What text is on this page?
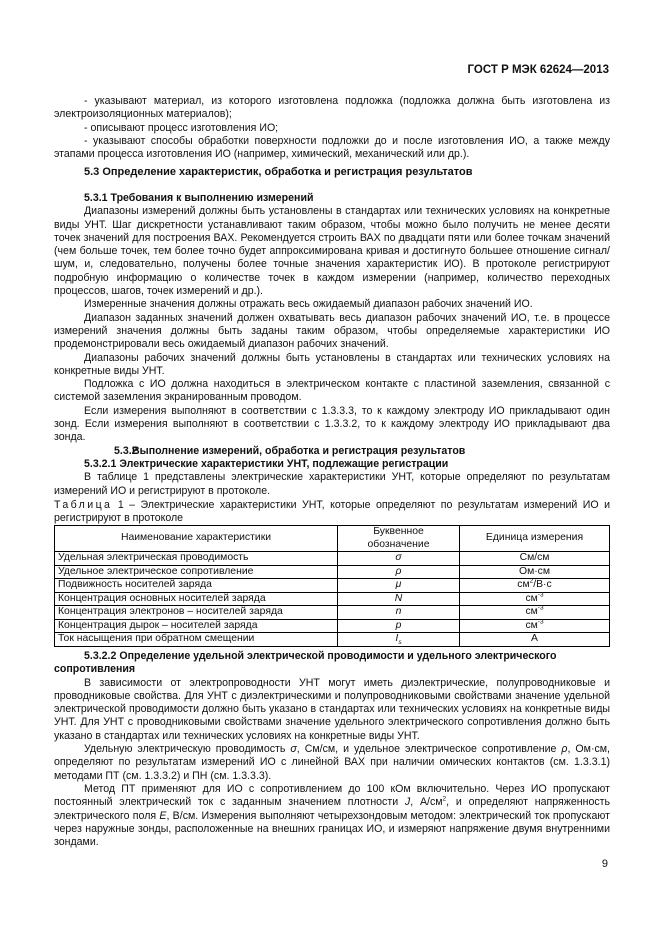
ГОСТ Р МЭК 62624—2013

- указывают материал, из которого изготовлена подложка (подложка должна быть изготовлена из электроизоляционных материалов);

- описывают процесс изготовления ИО;

- указывают способы обработки поверхности подложки до и после изготовления ИО, а также между этапами процесса изготовления ИО (например, химический, механический или др.).

5.3 Определение характеристик, обработка и регистрация результатов

5.3.1 Требования к выполнению измерений

Диапазоны измерений должны быть установлены в стандартах или технических условиях на конкретные виды УНТ. Шаг дискретности устанавливают таким образом, чтобы можно было получить не менее десяти точек значений для построения ВАХ. Рекомендуется строить ВАХ по двадцати пяти или более точкам значений (чем больше точек, тем более точно будет аппроксимирована кривая и достигнуто большее отношение сигнал/шум, и, следовательно, получены более точные значения характеристик ИО). В протоколе регистрируют подробную информацию о количестве точек в каждом измерении (например, количество переходных процессов, шагов, точек измерений и др.).

Измеренные значения должны отражать весь ожидаемый диапазон рабочих значений ИО.

Диапазон заданных значений должен охватывать весь диапазон рабочих значений ИО, т.е. в процессе измерений значения должны быть заданы таким образом, чтобы определяемые характеристики ИО продемонстрировали весь ожидаемый диапазон рабочих значений.

Диапазоны рабочих значений должны быть установлены в стандартах или технических условиях на конкретные виды УНТ.

Подложка с ИО должна находиться в электрическом контакте с пластиной заземления, связанной с системой заземления экранированным проводом.

Если измерения выполняют в соответствии с 1.3.3.3, то к каждому электроду ИО прикладывают один зонд. Если измерения выполняют в соответствии с 1.3.3.2, то к каждому электроду ИО прикладывают два зонда.

5.3.2Выполнение измерений, обработка и регистрация результатов

5.3.2.1 Электрические характеристики УНТ, подлежащие регистрации

В таблице 1 представлены электрические характеристики УНТ, которые определяют по результатам измерений ИО и регистрируют в протоколе.

Таблица 1 – Электрические характеристики УНТ, которые определяют по результатам измерений ИО и регистрируют в протоколе

Наименование характеристики	Буквенное обозначение	Единица измерения
Удельная электрическая проводимость	σ	См/см
Удельное электрическое сопротивление	ρ	Ом·см
Подвижность носителей заряда	μ	$см^2/В\cdot с$
Концентрация основных носителей заряда	N	$см^{-3}$
Концентрация электронов – носителей заряда	n	$см^{-3}$
Концентрация дырок – носителей заряда	p	$см^{-3}$
Ток насыщения при обратном смещении	$I_s$	А

5.3.2.2 Определение удельной электрической проводимости и удельного электрического сопротивления

В зависимости от электропроводности УНТ могут иметь диэлектрические, полупроводниковые и проводниковые свойства. Для УНТ с диэлектрическими и полупроводниковыми свойствами значение удельной электрической проводимости должно быть указано в стандартах или технических условиях на конкретные виды УНТ. Для УНТ с проводниковыми свойствами значение удельного электрического сопротивления должно быть указано в стандартах или технических условиях на конкретные виды УНТ.

Удельную электрическую проводимость σ, См/см, и удельное электрическое сопротивление ρ, Ом·см, определяют по результатам измерений ИО с линейной ВАХ при наличии омических контактов (см. 1.3.3.1) методами ПТ (см. 1.3.3.2) и ПН (см. 1.3.3.3).

Метод ПТ применяют для ИО с сопротивлением до 100 кОм включительно. Через ИО пропускают постоянный электрический ток с заданным значением плотности J, $А/см^2$, и определяют напряженность электрического поля E, В/см. Измерения выполняют четырехзондовым методом: электрический ток пропускают через наружные зонды, расположенные на внешних границах ИО, и измеряют напряжение двумя внутренними зондами.

9
